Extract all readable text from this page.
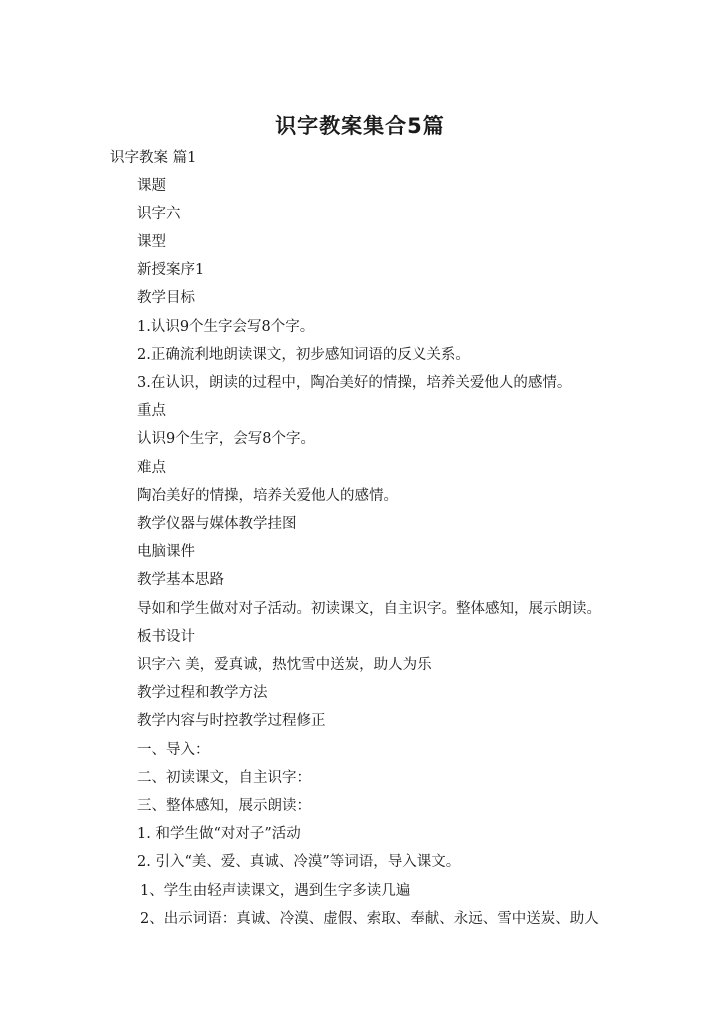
识字教案集合5篇
识字教案 篇1
课题
识字六
课型
新授案序1
教学目标
1.认识9个生字会写8个字。
2.正确流利地朗读课文，初步感知词语的反义关系。
3.在认识，朗读的过程中，陶冶美好的情操，培养关爱他人的感情。
重点
认识9个生字，会写8个字。
难点
陶冶美好的情操，培养关爱他人的感情。
教学仪器与媒体教学挂图
电脑课件
教学基本思路
导如和学生做对对子活动。初读课文，自主识字。整体感知，展示朗读。
板书设计
识字六 美，爱真诚，热忱雪中送炭，助人为乐
教学过程和教学方法
教学内容与时控教学过程修正
一、导入：
二、初读课文，自主识字：
三、整体感知，展示朗读：
1. 和学生做“对对子”活动
2. 引入“美、爱、真诚、冷漠”等词语，导入课文。
1、学生由轻声读课文，遇到生字多读几遍
2、出示词语：真诚、冷漠、虚假、索取、奉献、永远、雪中送炭、助人
